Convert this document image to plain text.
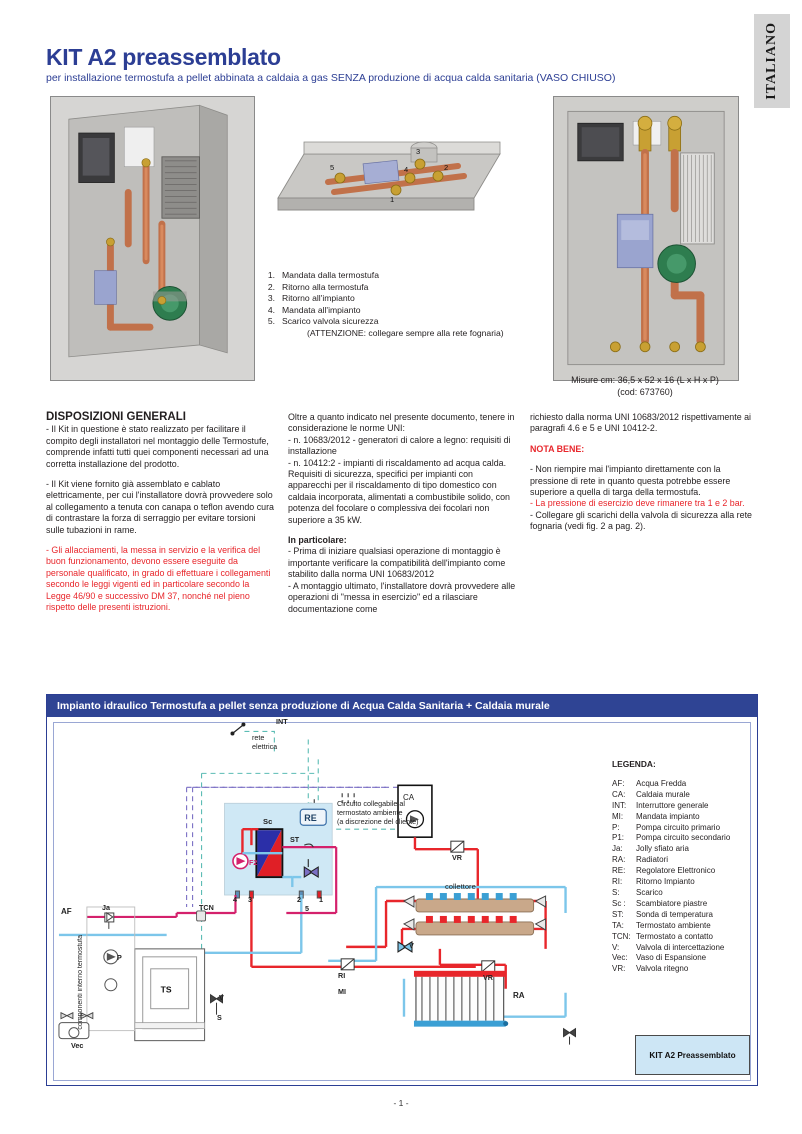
ITALIANO
KIT A2 preassemblato
per installazione termostufa a pellet abbinata a caldaia a gas SENZA produzione di acqua calda sanitaria (VASO CHIUSO)
5
3
4	2
1
1. Mandata dalla termostufa
2. Ritorno alla termostufa
3. Ritorno all'impianto
4. Mandata all'impianto
5. Scarico valvola sicurezza
(ATTENZIONE: collegare sempre alla rete fognaria)
Misure cm: 36,5 x 52 x 16 (L x H x P)
(cod: 673760)
DISPOSIZIONI GENERALI

- Il Kit in questione è stato realizzato per facilitare il compito degli installatori nel montaggio delle Termostufe, comprende infatti tutti quei componenti necessari ad una corretta installazione del prodotto.

- Il Kit viene fornito già assemblato e cablato elettricamente, per cui l'installatore dovrà provvedere solo al collegamento a tenuta con canapa o teflon avendo cura di contrastare la forza di serraggio per evitare torsioni sulle tubazioni in rame.

- Gli allacciamenti, la messa in servizio e la verifica del buon funzionamento, devono essere eseguite da personale qualificato, in grado di effettuare i collegamenti secondo le leggi vigenti ed in particolare secondo la Legge 46/90 e successivo DM 37, nonché nel pieno rispetto delle presenti istruzioni.

Oltre a quanto indicato nel presente documento, tenere in considerazione le norme UNI:

- n. 10683/2012 - generatori di calore a legno: requisiti di installazione

- n. 10412:2 - impianti di riscaldamento ad acqua calda. Requisiti di sicurezza, specifici per impianti con apparecchi per il riscaldamento di tipo domestico con caldaia incorporata, alimentati a combustibile solido, con potenza del focolare o complessiva dei focolari non superiore a 35 kW.

In particolare:

- Prima di iniziare qualsiasi operazione di montaggio è importante verificare la compatibilità dell'impianto come stabilito dalla norma UNI 10683/2012

- A montaggio ultimato, l'installatore dovrà provvedere alle operazioni di "messa in esercizio" ed a rilasciare documentazione come

richiesto dalla norma UNI 10683/2012 rispettivamente ai paragrafi 4.6 e 5 e UNI 10412-2.

NOTA BENE:

- Non riempire mai l'impianto direttamente con la pressione di rete in quanto questa potrebbe essere superiore a quella di targa della termostufa.

- La pressione di esercizio deve rimanere tra 1 e 2 bar.

- Collegare gli scarichi della valvola di sicurezza alla rete fognaria (vedi fig. 2 a pag. 2).

Impianto idraulico Termostufa a pellet senza produzione di Acqua Calda Sanitaria + Caldaia murale
RE
TS
rete
elettrica
INT
Circuito collegabile al
termostato ambiente
(a discrezione del cliente)
CA
Sc
ST
F2
TCN
AF	Ja
4 3	2	1
5
RI
MI
VR
VR
collettore
V
RA
V
S
P
Vec
componenti interno termostufa
LEGENDA:
AF:	Acqua Fredda
CA:	Caldaia murale
INT:	Interruttore generale
MI:	Mandata impianto
P:	Pompa circuito primario
P1:	Pompa circuito secondario
Ja:	Jolly sfiato aria
RA:	Radiatori
RE:	Regolatore Elettronico
RI:	Ritorno Impianto
S:	Scarico
Sc :	Scambiatore piastre
ST:	Sonda di temperatura
TA:	Termostato ambiente
TCN: Termostato a contatto
V:	Valvola di intercettazione
Vec:	Vaso di Espansione
VR:	Valvola ritegno
KIT A2 Preassemblato
- 1 -
